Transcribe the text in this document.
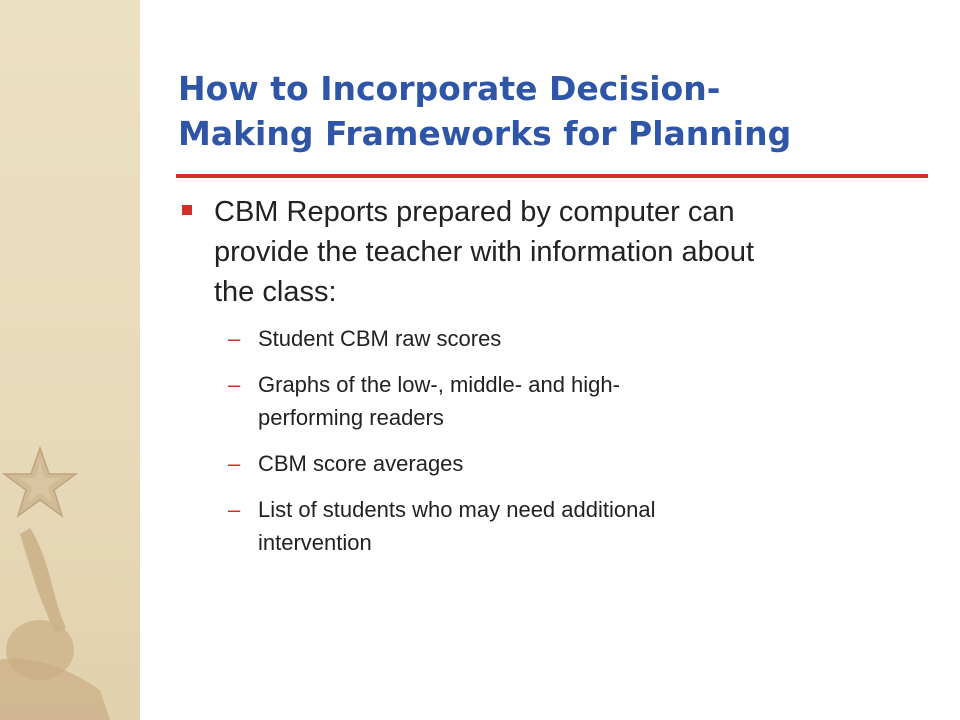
How to Incorporate Decision-
Making Frameworks for Planning
CBM Reports prepared by computer can
provide the teacher with information about
the class:
– Student CBM raw scores
– Graphs of the low-, middle- and high-
performing readers
– CBM score averages
– List of students who may need additional
intervention
